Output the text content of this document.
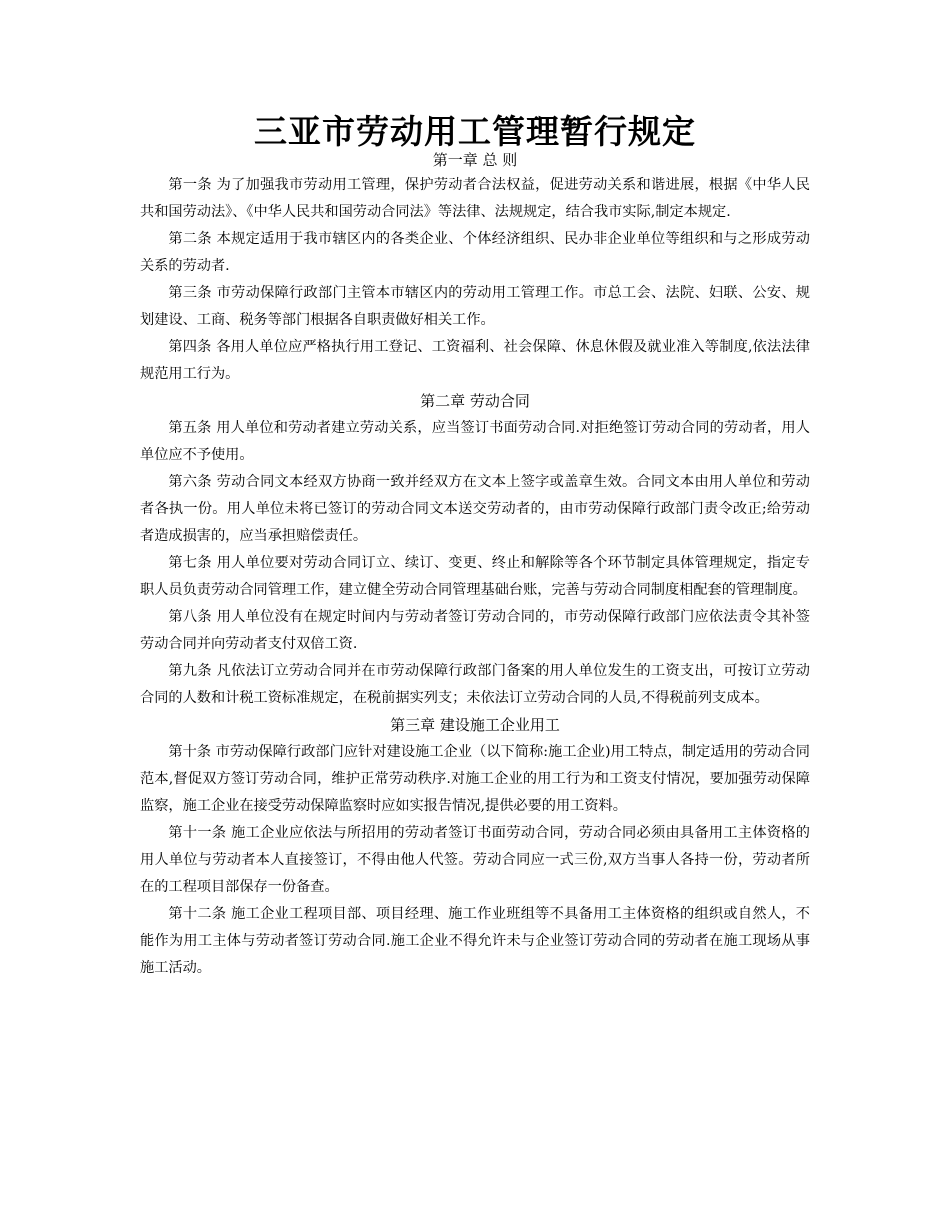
三亚市劳动用工管理暂行规定
第一章 总 则

第一条 为了加强我市劳动用工管理，保护劳动者合法权益，促进劳动关系和谐进展，根据《中华人民共和国劳动法》、《中华人民共和国劳动合同法》等法律、法规规定，结合我市实际,制定本规定.

第二条 本规定适用于我市辖区内的各类企业、个体经济组织、民办非企业单位等组织和与之形成劳动关系的劳动者.

第三条 市劳动保障行政部门主管本市辖区内的劳动用工管理工作。市总工会、法院、妇联、公安、规划建设、工商、税务等部门根据各自职责做好相关工作。

第四条 各用人单位应严格执行用工登记、工资福利、社会保障、休息休假及就业准入等制度,依法法律规范用工行为。

第二章 劳动合同

第五条 用人单位和劳动者建立劳动关系，应当签订书面劳动合同.对拒绝签订劳动合同的劳动者，用人单位应不予使用。

第六条 劳动合同文本经双方协商一致并经双方在文本上签字或盖章生效。合同文本由用人单位和劳动者各执一份。用人单位未将已签订的劳动合同文本送交劳动者的，由市劳动保障行政部门责令改正;给劳动者造成损害的，应当承担赔偿责任。

第七条 用人单位要对劳动合同订立、续订、变更、终止和解除等各个环节制定具体管理规定，指定专职人员负责劳动合同管理工作，建立健全劳动合同管理基础台账，完善与劳动合同制度相配套的管理制度。

第八条 用人单位没有在规定时间内与劳动者签订劳动合同的，市劳动保障行政部门应依法责令其补签劳动合同并向劳动者支付双倍工资.

第九条 凡依法订立劳动合同并在市劳动保障行政部门备案的用人单位发生的工资支出，可按订立劳动合同的人数和计税工资标准规定，在税前据实列支；未依法订立劳动合同的人员,不得税前列支成本。

第三章 建设施工企业用工

第十条 市劳动保障行政部门应针对建设施工企业（以下简称:施工企业)用工特点，制定适用的劳动合同范本,督促双方签订劳动合同，维护正常劳动秩序.对施工企业的用工行为和工资支付情况，要加强劳动保障监察，施工企业在接受劳动保障监察时应如实报告情况,提供必要的用工资料。

第十一条 施工企业应依法与所招用的劳动者签订书面劳动合同，劳动合同必须由具备用工主体资格的用人单位与劳动者本人直接签订，不得由他人代签。劳动合同应一式三份,双方当事人各持一份，劳动者所在的工程项目部保存一份备查。

第十二条 施工企业工程项目部、项目经理、施工作业班组等不具备用工主体资格的组织或自然人，不能作为用工主体与劳动者签订劳动合同.施工企业不得允许未与企业签订劳动合同的劳动者在施工现场从事施工活动。
